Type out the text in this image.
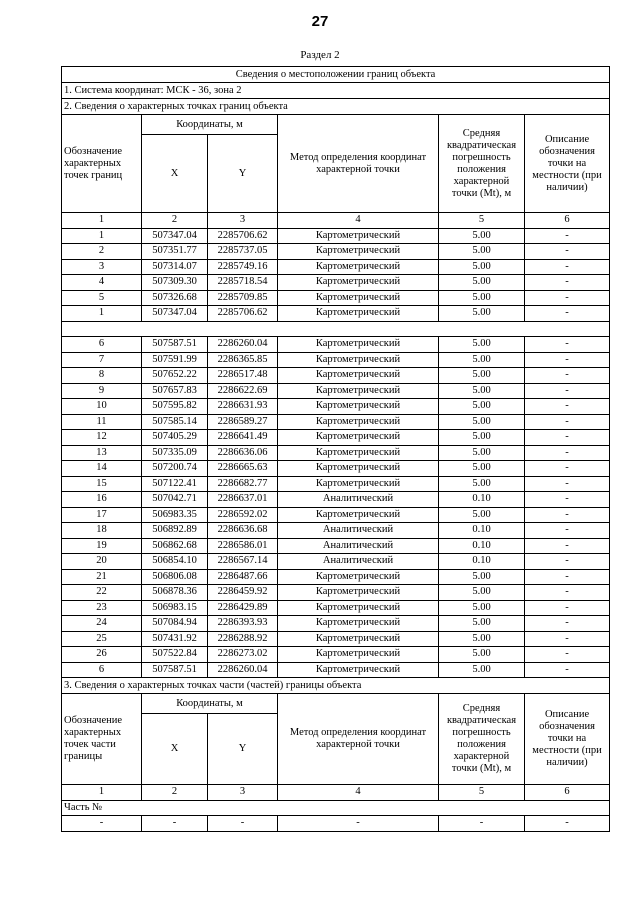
27
Раздел 2
Сведения о местоположении границ объекта					
1. Система координат: МСК - 36, зона 2					
2. Сведения о характерных точках границ объекта					
Обозначение характерных точек границ	Координаты, м		Метод определения координат характерной точки	Средняя квадратическая погрешность положения характерной точки (Mt), м	Описание обозначения точки на местности (при наличии)
	X	Y			
1	2	3	4	5	6
1	507347.04	2285706.62	Картометрический	5.00	-
2	507351.77	2285737.05	Картометрический	5.00	-
3	507314.07	2285749.16	Картометрический	5.00	-
4	507309.30	2285718.54	Картометрический	5.00	-
5	507326.68	2285709.85	Картометрический	5.00	-
1	507347.04	2285706.62	Картометрический	5.00	-

6	507587.51	2286260.04	Картометрический	5.00	-
7	507591.99	2286365.85	Картометрический	5.00	-
8	507652.22	2286517.48	Картометрический	5.00	-
9	507657.83	2286622.69	Картометрический	5.00	-
10	507595.82	2286631.93	Картометрический	5.00	-
11	507585.14	2286589.27	Картометрический	5.00	-
12	507405.29	2286641.49	Картометрический	5.00	-
13	507335.09	2286636.06	Картометрический	5.00	-
14	507200.74	2286665.63	Картометрический	5.00	-
15	507122.41	2286682.77	Картометрический	5.00	-
16	507042.71	2286637.01	Аналитический	0.10	-
17	506983.35	2286592.02	Картометрический	5.00	-
18	506892.89	2286636.68	Аналитический	0.10	-
19	506862.68	2286586.01	Аналитический	0.10	-
20	506854.10	2286567.14	Аналитический	0.10	-
21	506806.08	2286487.66	Картометрический	5.00	-
22	506878.36	2286459.92	Картометрический	5.00	-
23	506983.15	2286429.89	Картометрический	5.00	-
24	507084.94	2286393.93	Картометрический	5.00	-
25	507431.92	2286288.92	Картометрический	5.00	-
26	507522.84	2286273.02	Картометрический	5.00	-
6	507587.51	2286260.04	Картометрический	5.00	-
3. Сведения о характерных точках части (частей) границы объекта					
Обозначение характерных точек части границы	Координаты, м		Метод определения координат характерной точки	Средняя квадратическая погрешность положения характерной точки (Mt), м	Описание обозначения точки на местности (при наличии)
	X	Y			
1	2	3	4	5	6
Часть №					
-	-	-	-	-	-
